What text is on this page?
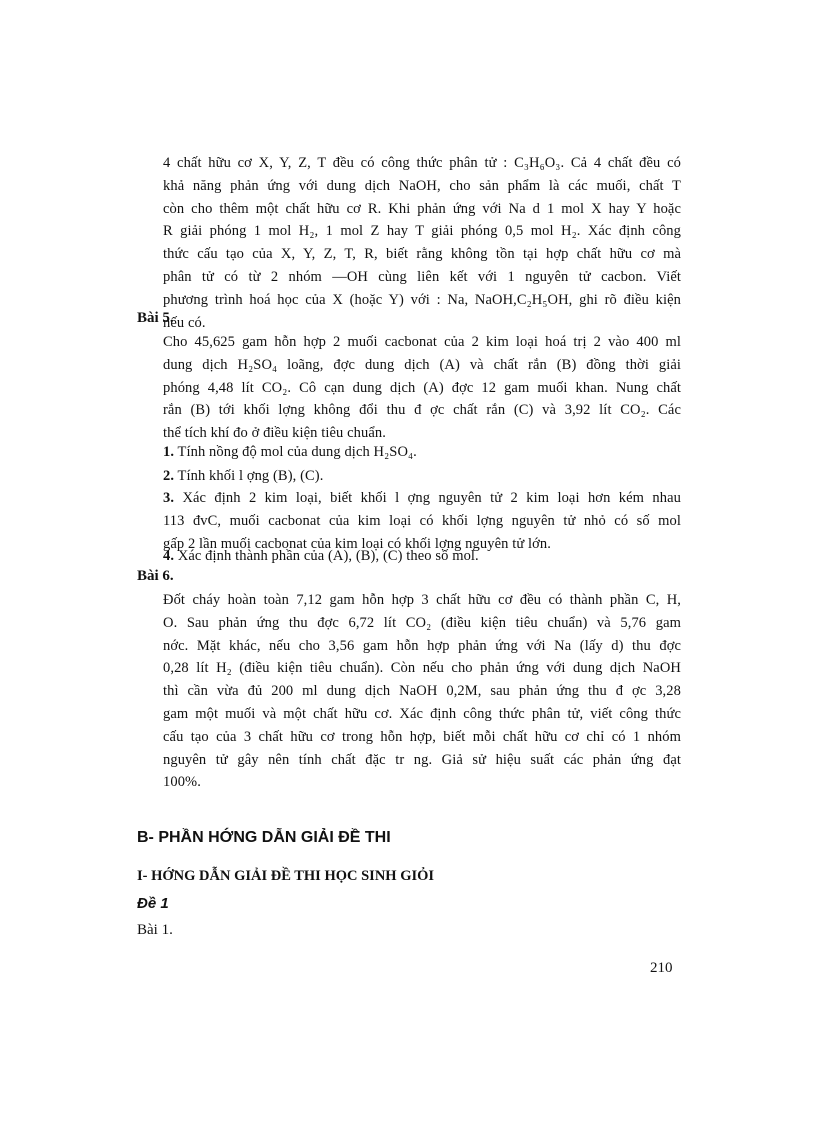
4 chất hữu cơ X, Y, Z, T đều có công thức phân tử : C₃H₆O₃. Cả 4 chất đều có
khả năng phản ứng với dung dịch NaOH, cho sản phẩm là các muối, chất T
còn cho thêm một chất hữu cơ R. Khi phản ứng với Na d 1 mol X hay Y hoặc
R giải phóng 1 mol H₂, 1 mol Z hay T giải phóng 0,5 mol H₂. Xác định công
thức cấu tạo của X, Y, Z, T, R, biết rằng không tồn tại hợp chất hữu cơ mà
phân tử có từ 2 nhóm —OH cùng liên kết với 1 nguyên tử cacbon. Viết
phương trình hoá học của X (hoặc Y) với : Na, NaOH,C₂H₅OH, ghi rõ điều kiện
nếu có.
Bài 5.
Cho 45,625 gam hỗn hợp 2 muối cacbonat của 2 kim loại hoá trị 2 vào 400 ml
dung dịch H₂SO₄ loãng, đợc dung dịch (A) và chất rắn (B) đồng thời giải
phóng 4,48 lít CO₂. Cô cạn dung dịch (A) đợc 12 gam muối khan. Nung chất
rắn (B) tới khối lợng không đổi thu đ ợc chất rắn (C) và 3,92 lít CO₂. Các
thể tích khí đo ở điều kiện tiêu chuẩn.
1. Tính nồng độ mol của dung dịch H₂SO₄.
2. Tính khối l ợng (B), (C).
3. Xác định 2 kim loại, biết khối l ợng nguyên tử 2 kim loại hơn kém nhau
113 đvC, muối cacbonat của kim loại có khối lợng nguyên tử nhỏ có số mol
gấp 2 lần muối cacbonat của kim loại có khối lợng nguyên tử lớn.
4. Xác định thành phần của (A), (B), (C) theo số mol.
Bài 6.
Đốt cháy hoàn toàn 7,12 gam hỗn hợp 3 chất hữu cơ đều có thành phần C, H,
O. Sau phản ứng thu đợc 6,72 lít CO₂ (điều kiện tiêu chuẩn) và 5,76 gam
nớc. Mặt khác, nếu cho 3,56 gam hỗn hợp phản ứng với Na (lấy d) thu đợc
0,28 lít H₂ (điều kiện tiêu chuẩn). Còn nếu cho phản ứng với dung dịch NaOH
thì cần vừa đủ 200 ml dung dịch NaOH 0,2M, sau phản ứng thu đ ợc 3,28
gam một muối và một chất hữu cơ. Xác định công thức phân tử, viết công thức
cấu tạo của 3 chất hữu cơ trong hỗn hợp, biết mỗi chất hữu cơ chỉ có 1 nhóm
nguyên tử gây nên tính chất đặc tr ng. Giả sử hiệu suất các phản ứng đạt
100%.
B- PHẦN HỚNG DẪN GIẢI ĐỀ THI
I- HỚNG DẪN GIẢI ĐỀ THI HỌC SINH GIỎI
Đề 1
Bài 1.
210
